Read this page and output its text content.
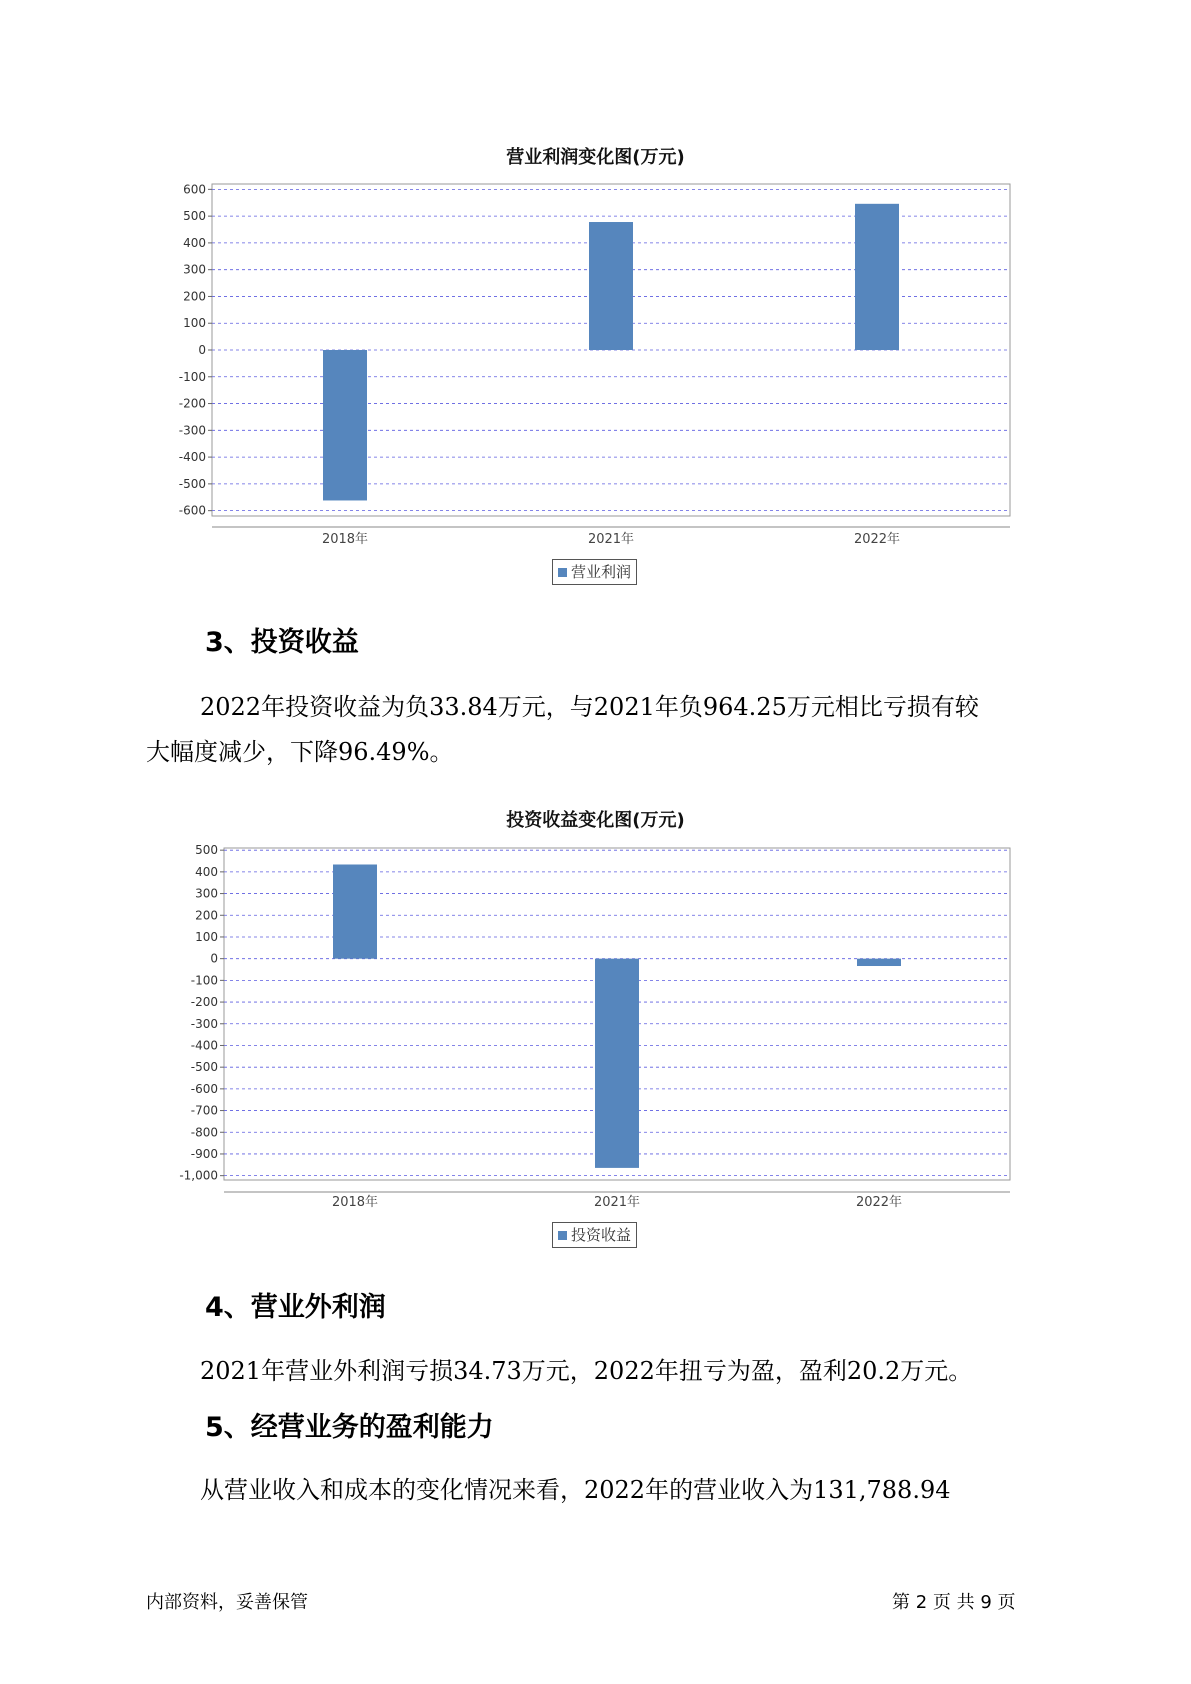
营业利润变化图(万元)
600
500
400
300
200
100
0
-100
-200
-300
-400
-500
-600
2018年	2021年	2022年
营业利润
3、投资收益
2022年投资收益为负33.84万元，与2021年负964.25万元相比亏损有较
大幅度减少，下降96.49%。
投资收益变化图(万元)
500
400
300
200
100
0
-100
-200
-300
-400
-500
-600
-700
-800
-900
-1,000
2018年	2021年	2022年
投资收益
4、营业外利润
2021年营业外利润亏损34.73万元，2022年扭亏为盈，盈利20.2万元。
5、经营业务的盈利能力
从营业收入和成本的变化情况来看，2022年的营业收入为131,788.94
内部资料，妥善保管	第 2 页 共 9 页
